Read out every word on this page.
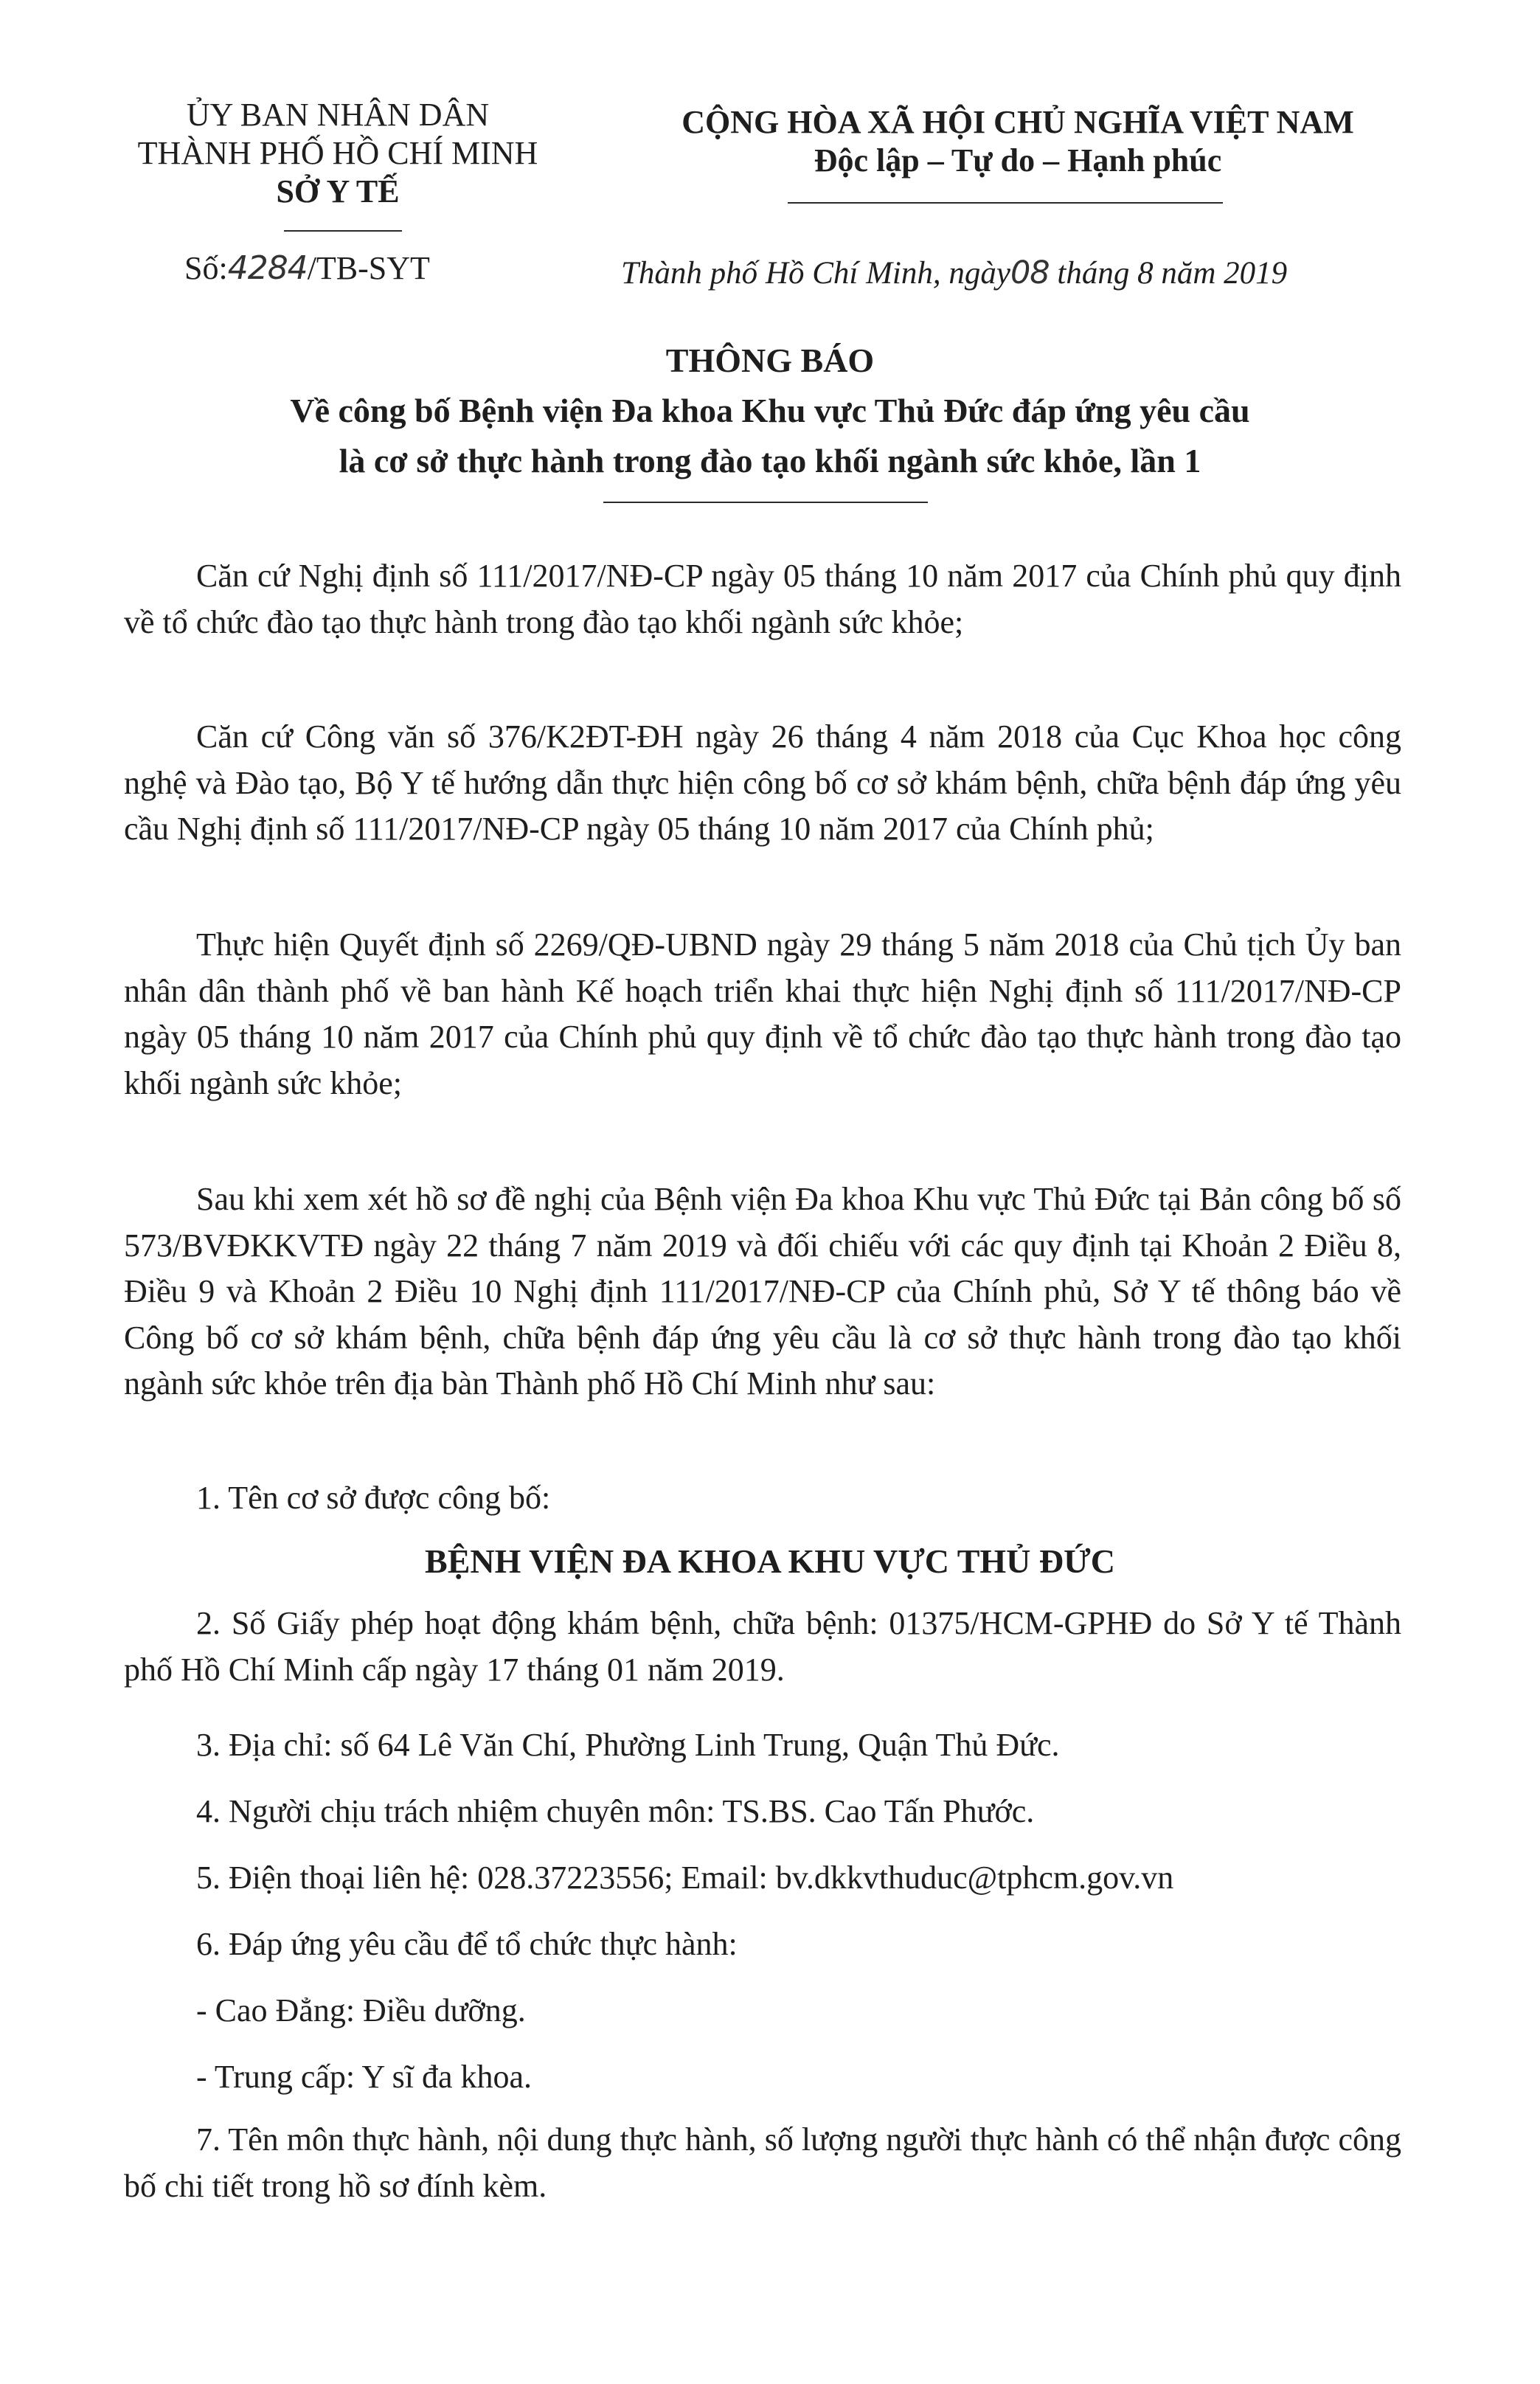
ỦY BAN NHÂN DÂN
THÀNH PHỐ HỒ CHÍ MINH
SỞ Y TẾ
CỘNG HÒA XÃ HỘI CHỦ NGHĨA VIỆT NAM
Độc lập – Tự do – Hạnh phúc
Số:4284/TB-SYT	Thành phố Hồ Chí Minh, ngày08 tháng 8 năm 2019
THÔNG BÁO
Về công bố Bệnh viện Đa khoa Khu vực Thủ Đức đáp ứng yêu cầu
là cơ sở thực hành trong đào tạo khối ngành sức khỏe, lần 1
Căn cứ Nghị định số 111/2017/NĐ-CP ngày 05 tháng 10 năm 2017 của Chính phủ quy định về tổ chức đào tạo thực hành trong đào tạo khối ngành sức khỏe;
Căn cứ Công văn số 376/K2ĐT-ĐH ngày 26 tháng 4 năm 2018 của Cục Khoa học công nghệ và Đào tạo, Bộ Y tế hướng dẫn thực hiện công bố cơ sở khám bệnh, chữa bệnh đáp ứng yêu cầu Nghị định số 111/2017/NĐ-CP ngày 05 tháng 10 năm 2017 của Chính phủ;
Thực hiện Quyết định số 2269/QĐ-UBND ngày 29 tháng 5 năm 2018 của Chủ tịch Ủy ban nhân dân thành phố về ban hành Kế hoạch triển khai thực hiện Nghị định số 111/2017/NĐ-CP ngày 05 tháng 10 năm 2017 của Chính phủ quy định về tổ chức đào tạo thực hành trong đào tạo khối ngành sức khỏe;
Sau khi xem xét hồ sơ đề nghị của Bệnh viện Đa khoa Khu vực Thủ Đức tại Bản công bố số 573/BVĐKKVTĐ ngày 22 tháng 7 năm 2019 và đối chiếu với các quy định tại Khoản 2 Điều 8, Điều 9 và Khoản 2 Điều 10 Nghị định 111/2017/NĐ-CP của Chính phủ, Sở Y tế thông báo về Công bố cơ sở khám bệnh, chữa bệnh đáp ứng yêu cầu là cơ sở thực hành trong đào tạo khối ngành sức khỏe trên địa bàn Thành phố Hồ Chí Minh như sau:
1. Tên cơ sở được công bố:
BỆNH VIỆN ĐA KHOA KHU VỰC THỦ ĐỨC
2. Số Giấy phép hoạt động khám bệnh, chữa bệnh: 01375/HCM-GPHĐ do Sở Y tế Thành phố Hồ Chí Minh cấp ngày 17 tháng 01 năm 2019.
3. Địa chỉ: số 64 Lê Văn Chí, Phường Linh Trung, Quận Thủ Đức.
4. Người chịu trách nhiệm chuyên môn: TS.BS. Cao Tấn Phước.
5. Điện thoại liên hệ: 028.37223556; Email: bv.dkkvthuduc@tphcm.gov.vn
6. Đáp ứng yêu cầu để tổ chức thực hành:
- Cao Đẳng: Điều dưỡng.
- Trung cấp: Y sĩ đa khoa.
7. Tên môn thực hành, nội dung thực hành, số lượng người thực hành có thể nhận được công bố chi tiết trong hồ sơ đính kèm.
